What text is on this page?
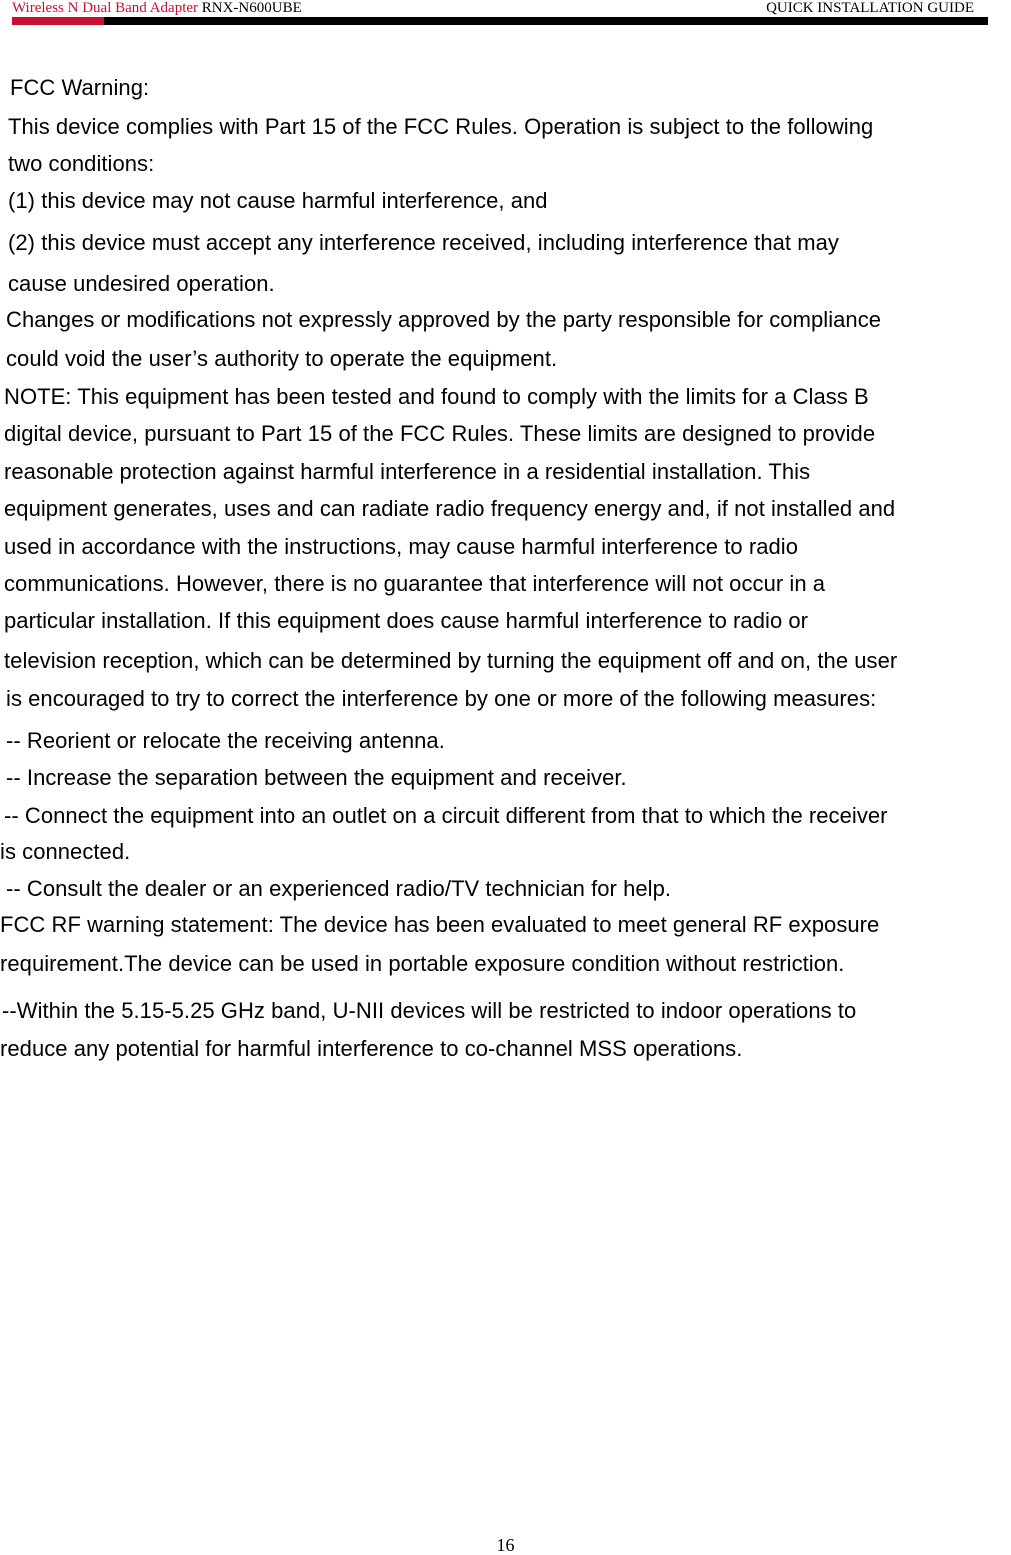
Wireless N Dual Band Adapter RNX-N600UBE	QUICK INSTALLATION GUIDE
FCC Warning:
This device complies with Part 15 of the FCC Rules. Operation is subject to the following
two conditions:
(1) this device may not cause harmful interference, and
(2) this device must accept any interference received, including interference that may
cause undesired operation.
Changes or modifications not expressly approved by the party responsible for compliance
could void the user’s authority to operate the equipment.
NOTE: This equipment has been tested and found to comply with the limits for a Class B
digital device, pursuant to Part 15 of the FCC Rules. These limits are designed to provide
reasonable protection against harmful interference in a residential installation. This
equipment generates, uses and can radiate radio frequency energy and, if not installed and
used in accordance with the instructions, may cause harmful interference to radio
communications. However, there is no guarantee that interference will not occur in a
particular installation. If this equipment does cause harmful interference to radio or
television reception, which can be determined by turning the equipment off and on, the user
is encouraged to try to correct the interference by one or more of the following measures:
-- Reorient or relocate the receiving antenna.
-- Increase the separation between the equipment and receiver.
-- Connect the equipment into an outlet on a circuit different from that to which the receiver
is connected.
-- Consult the dealer or an experienced radio/TV technician for help.
FCC RF warning statement: The device has been evaluated to meet general RF exposure
requirement.The device can be used in portable exposure condition without restriction.
--Within the 5.15-5.25 GHz band, U-NII devices will be restricted to indoor operations to
reduce any potential for harmful interference to co-channel MSS operations.
16
